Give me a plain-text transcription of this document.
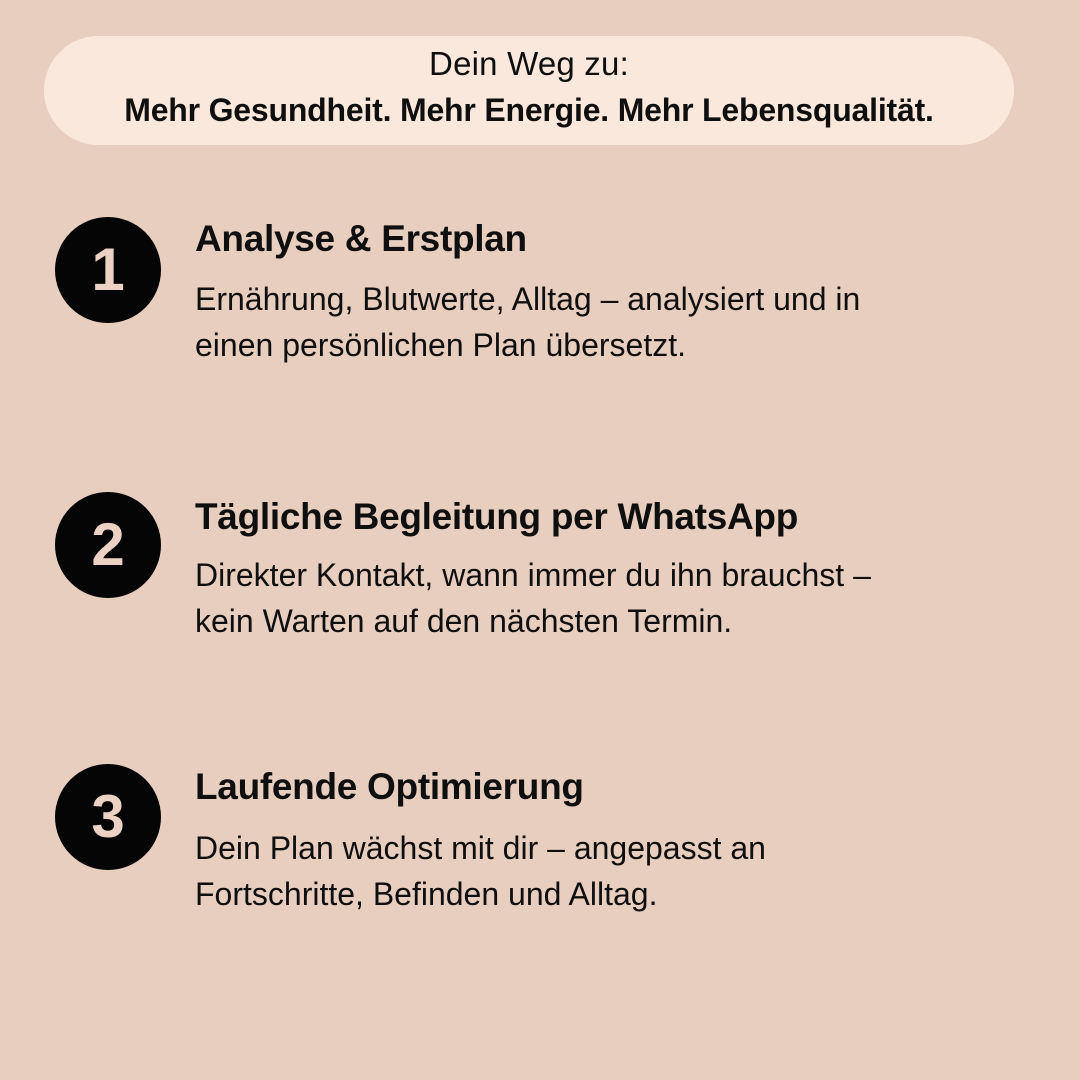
Dein Weg zu:
Mehr Gesundheit. Mehr Energie. Mehr Lebensqualität.
1	Analyse & Erstplan
Ernährung, Blutwerte, Alltag – analysiert und in
einen persönlichen Plan übersetzt.
2	Tägliche Begleitung per WhatsApp
Direkter Kontakt, wann immer du ihn brauchst –
kein Warten auf den nächsten Termin.
3	Laufende Optimierung
Dein Plan wächst mit dir – angepasst an
Fortschritte, Befinden und Alltag.
